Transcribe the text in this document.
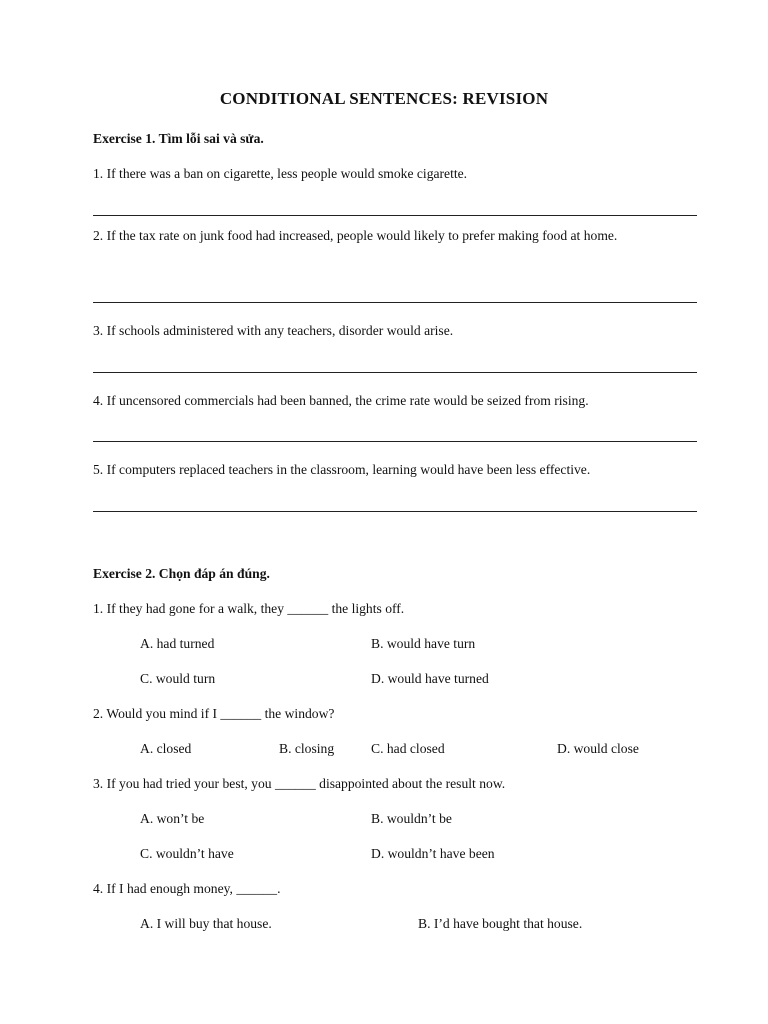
CONDITIONAL SENTENCES: REVISION
Exercise 1. Tìm lỗi sai và sửa.
1. If there was a ban on cigarette, less people would smoke cigarette.
2. If the tax rate on junk food had increased, people would likely to prefer making food at home.
3. If schools administered with any teachers, disorder would arise.
4. If uncensored commercials had been banned, the crime rate would be seized from rising.
5. If computers replaced teachers in the classroom, learning would have been less effective.
Exercise 2. Chọn đáp án đúng.
1. If they had gone for a walk, they ______ the lights off.
A. had turned	B. would have turn
C. would turn	D. would have turned
2. Would you mind if I ______ the window?
A. closed	B. closing	C. had closed	D. would close
3. If you had tried your best, you ______ disappointed about the result now.
A. won’t be	B. wouldn’t be
C. wouldn’t have	D. wouldn’t have been
4. If I had enough money, ______.
A. I will buy that house.	B. I’d have bought that house.
